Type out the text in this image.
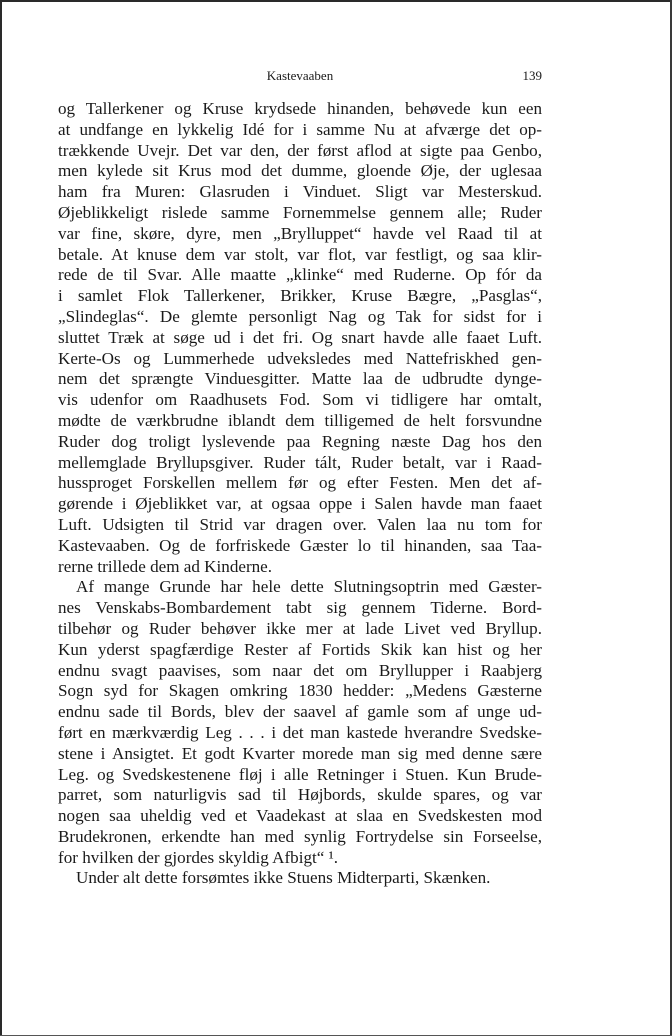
Kastevaaben	139
og Tallerkener og Kruse krydsede hinanden, behøvede kun een
at undfange en lykkelig Idé for i samme Nu at afværge det op-
trækkende Uvejr. Det var den, der først aflod at sigte paa Genbo,
men kylede sit Krus mod det dumme, gloende Øje, der uglesaa
ham fra Muren: Glasruden i Vinduet. Sligt var Mesterskud.
Øjeblikkeligt rislede samme Fornemmelse gennem alle; Ruder
var fine, skøre, dyre, men „Brylluppet“ havde vel Raad til at
betale. At knuse dem var stolt, var flot, var festligt, og saa klir-
rede de til Svar. Alle maatte „klinke“ med Ruderne. Op fór da
i samlet Flok Tallerkener, Brikker, Kruse Bægre, „Pasglas“,
„Slindeglas“. De glemte personligt Nag og Tak for sidst for i
sluttet Træk at søge ud i det fri. Og snart havde alle faaet Luft.
Kerte-Os og Lummerhede udveksledes med Nattefriskhed gen-
nem det sprængte Vinduesgitter. Matte laa de udbrudte dynge-
vis udenfor om Raadhusets Fod. Som vi tidligere har omtalt,
mødte de værkbrudne iblandt dem tilligemed de helt forsvundne
Ruder dog troligt lyslevende paa Regning næste Dag hos den
mellemglade Bryllupsgiver. Ruder tált, Ruder betalt, var i Raad-
hussproget Forskellen mellem før og efter Festen. Men det af-
gørende i Øjeblikket var, at ogsaa oppe i Salen havde man faaet
Luft. Udsigten til Strid var dragen over. Valen laa nu tom for
Kastevaaben. Og de forfriskede Gæster lo til hinanden, saa Taa-
rerne trillede dem ad Kinderne.
Af mange Grunde har hele dette Slutningsoptrin med Gæster-
nes Venskabs-Bombardement tabt sig gennem Tiderne. Bord-
tilbehør og Ruder behøver ikke mer at lade Livet ved Bryllup.
Kun yderst spagfærdige Rester af Fortids Skik kan hist og her
endnu svagt paavises, som naar det om Bryllupper i Raabjerg
Sogn syd for Skagen omkring 1830 hedder: „Medens Gæsterne
endnu sade til Bords, blev der saavel af gamle som af unge ud-
ført en mærkværdig Leg . . . i det man kastede hverandre Svedske-
stene i Ansigtet. Et godt Kvarter morede man sig med denne sære
Leg. og Svedskestenene fløj i alle Retninger i Stuen. Kun Brude-
parret, som naturligvis sad til Højbords, skulde spares, og var
nogen saa uheldig ved et Vaadekast at slaa en Svedskesten mod
Brudekronen, erkendte han med synlig Fortrydelse sin Forseelse,
for hvilken der gjordes skyldig Afbigt“ ¹.
Under alt dette forsømtes ikke Stuens Midterparti, Skænken.
